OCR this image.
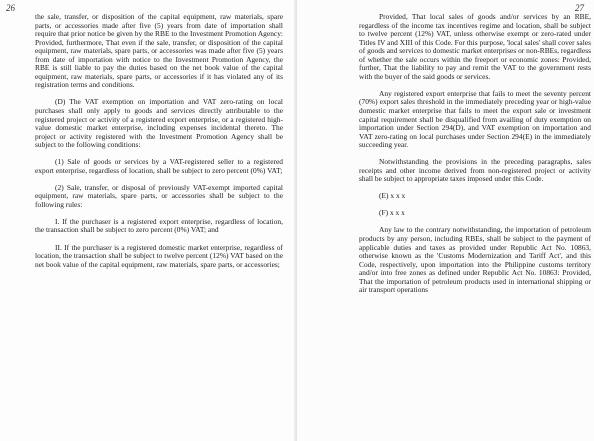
26

the sale, transfer, or disposition of the capital equipment, raw materials, spare parts, or accessories made after five (5) years from date of importation shall require that prior notice be given by the RBE to the Investment Promotion Agency: Provided, furthermore, That even if the sale, transfer, or disposition of the capital equipment, raw materials, spare parts, or accessories was made after five (5) years from date of importation with notice to the Investment Promotion Agency, the RBE is still liable to pay the duties based on the net book value of the capital equipment, raw materials, spare parts, or accessories if it has violated any of its registration terms and conditions.

(D) The VAT exemption on importation and VAT zero-rating on local purchases shall only apply to goods and services directly attributable to the registered project or activity of a registered export enterprise, or a registered high-value domestic market enterprise, including expenses incidental thereto. The project or activity registered with the Investment Promotion Agency shall be subject to the following conditions:

(1) Sale of goods or services by a VAT-registered seller to a registered export enterprise, regardless of location, shall be subject to zero percent (0%) VAT;

(2) Sale, transfer, or disposal of previously VAT-exempt imported capital equipment, raw materials, spare parts, or accessories shall be subject to the following rules:

I. If the purchaser is a registered export enterprise, regardless of location, the transaction shall be subject to zero percent (0%) VAT; and

II. If the purchaser is a registered domestic market enterprise, regardless of location, the transaction shall be subject to twelve percent (12%) VAT based on the net book value of the capital equipment, raw materials, spare parts, or accessories;

27

Provided, That local sales of goods and/or services by an RBE, regardless of the income tax incentives regime and location, shall be subject to twelve percent (12%) VAT, unless otherwise exempt or zero-rated under Titles IV and XIII of this Code. For this purpose, 'local sales' shall cover sales of goods and services to domestic market enterprises or non-RBEs, regardless of whether the sale occurs within the freeport or economic zones: Provided, further, That the liability to pay and remit the VAT to the government rests with the buyer of the said goods or services.

Any registered export enterprise that fails to meet the seventy percent (70%) export sales threshold in the immediately preceding year or high-value domestic market enterprise that fails to meet the export sale or investment capital requirement shall be disqualified from availing of duty exemption on importation under Section 294(D), and VAT exemption on importation and VAT zero-rating on local purchases under Section 294(E) in the immediately succeeding year.

Notwithstanding the provisions in the preceding paragraphs, sales receipts and other income derived from non-registered project or activity shall be subject to appropriate taxes imposed under this Code.

(E) x x x

(F) x x x

Any law to the contrary notwithstanding, the importation of petroleum products by any person, including RBEs, shall be subject to the payment of applicable duties and taxes as provided under Republic Act No. 10863, otherwise known as the 'Customs Modernization and Tariff Act', and this Code, respectively, upon importation into the Philippine customs territory and/or into free zones as defined under Republic Act No. 10863: Provided, That the importation of petroleum products used in international shipping or air transport operations
